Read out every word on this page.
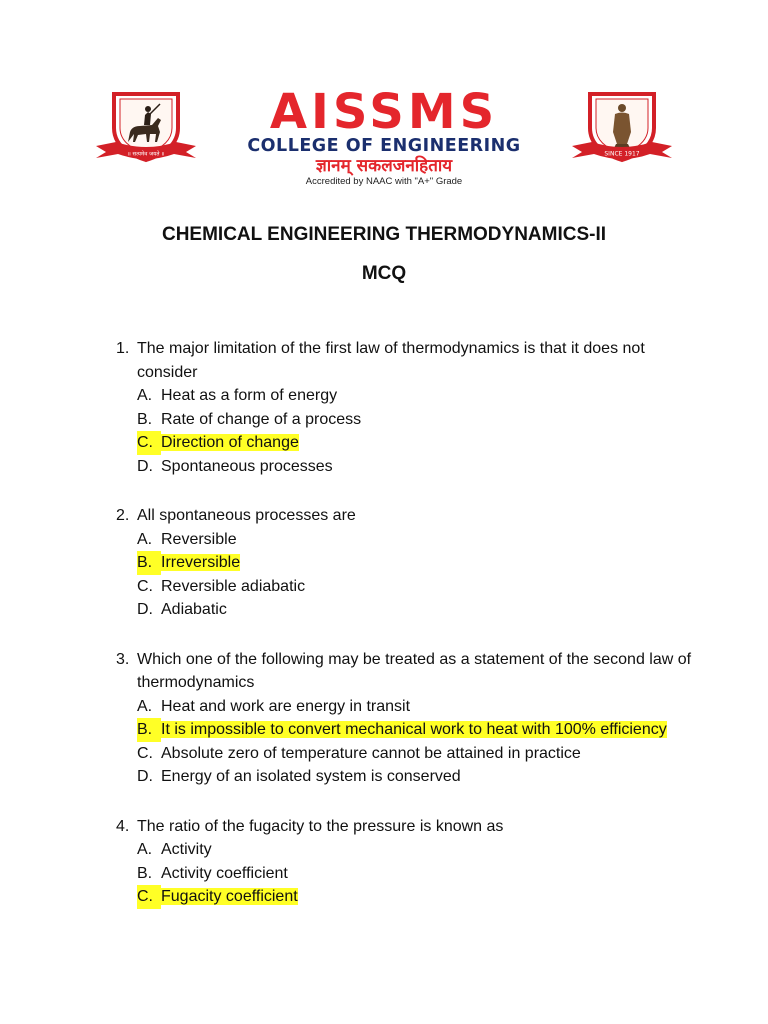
॥ सत्यमेव जयते ॥
AISSMS
COLLEGE OF ENGINEERING
ज्ञानम् सकलजनहिताय
Accredited by NAAC with "A+" Grade
SINCE 1917
CHEMICAL ENGINEERING THERMODYNAMICS-II
MCQ
1. The major limitation of the first law of thermodynamics is that it does not consider
A. Heat as a form of energy
B. Rate of change of a process
C. Direction of change
D. Spontaneous processes
2. All spontaneous processes are
A. Reversible
B. Irreversible
C. Reversible adiabatic
D. Adiabatic
3. Which one of the following may be treated as a statement of the second law of thermodynamics
A. Heat and work are energy in transit
B. It is impossible to convert mechanical work to heat with 100% efficiency
C. Absolute zero of temperature cannot be attained in practice
D. Energy of an isolated system is conserved
4. The ratio of the fugacity to the pressure is known as
A. Activity
B. Activity coefficient
C. Fugacity coefficient
